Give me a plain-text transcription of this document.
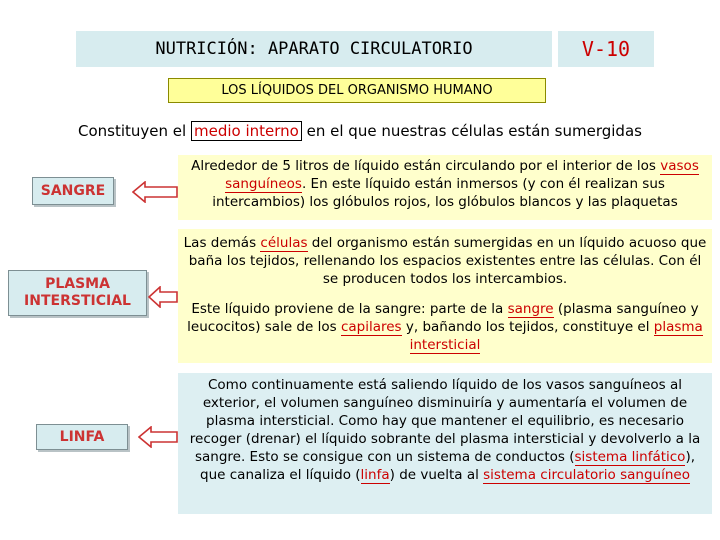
NUTRICIÓN: APARATO CIRCULATORIO	V-10
LOS LÍQUIDOS DEL ORGANISMO HUMANO
Constituyen el medio interno en el que nuestras células están sumergidas
SANGRE
Alrededor de 5 litros de líquido están circulando por el interior de los vasos sanguíneos. En este líquido están inmersos (y con él realizan sus intercambios) los glóbulos rojos, los glóbulos blancos y las plaquetas
PLASMA
INTERSTICIAL
Las demás células del organismo están sumergidas en un líquido acuoso que baña los tejidos, rellenando los espacios existentes entre las células. Con él se producen todos los intercambios.
Este líquido proviene de la sangre: parte de la sangre (plasma sanguíneo y leucocitos) sale de los capilares y, bañando los tejidos, constituye el plasma intersticial
LINFA
Como continuamente está saliendo líquido de los vasos sanguíneos al exterior, el volumen sanguíneo disminuiría y aumentaría el volumen de plasma intersticial. Como hay que mantener el equilibrio, es necesario recoger (drenar) el líquido sobrante del plasma intersticial y devolverlo a la sangre. Esto se consigue con un sistema de conductos (sistema linfático), que canaliza el líquido (linfa) de vuelta al sistema circulatorio sanguíneo
